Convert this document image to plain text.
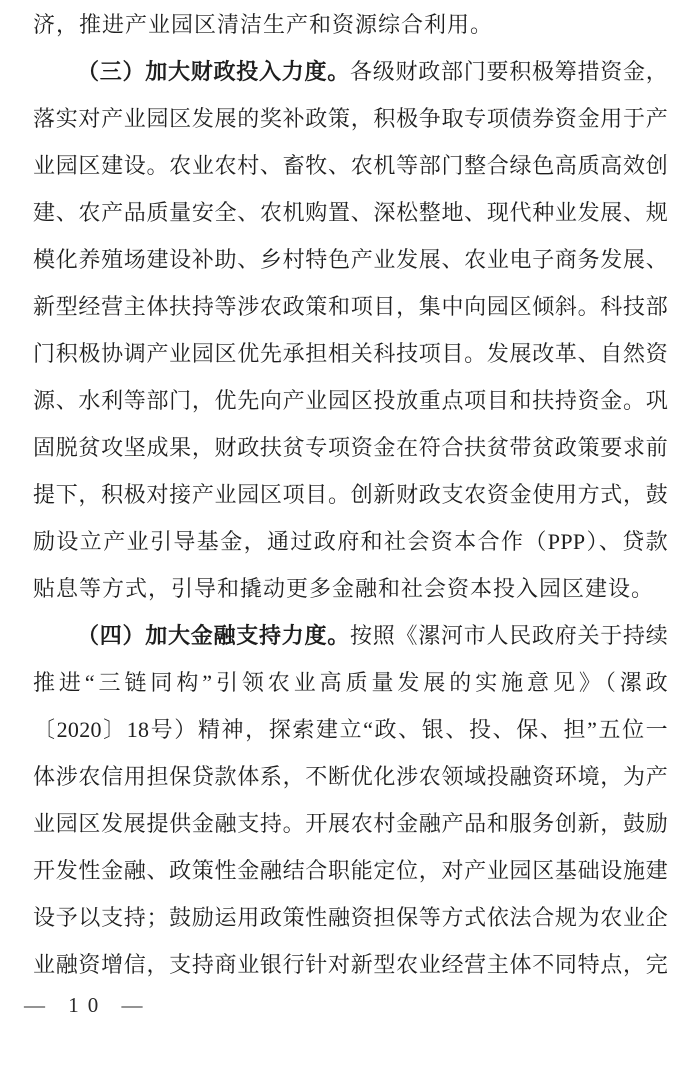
济，推进产业园区清洁生产和资源综合利用。

（三）加大财政投入力度。各级财政部门要积极筹措资金，

落实对产业园区发展的奖补政策，积极争取专项债券资金用于产

业园区建设。农业农村、畜牧、农机等部门整合绿色高质高效创

建、农产品质量安全、农机购置、深松整地、现代种业发展、规

模化养殖场建设补助、乡村特色产业发展、农业电子商务发展、

新型经营主体扶持等涉农政策和项目，集中向园区倾斜。科技部

门积极协调产业园区优先承担相关科技项目。发展改革、自然资

源、水利等部门，优先向产业园区投放重点项目和扶持资金。巩

固脱贫攻坚成果，财政扶贫专项资金在符合扶贫带贫政策要求前

提下，积极对接产业园区项目。创新财政支农资金使用方式，鼓

励设立产业引导基金，通过政府和社会资本合作（PPP）、贷款

贴息等方式，引导和撬动更多金融和社会资本投入园区建设。

（四）加大金融支持力度。按照《漯河市人民政府关于持续

推进“三链同构”引领农业高质量发展的实施意见》（漯政

〔2020〕18号）精神，探索建立“政、银、投、保、担”五位一

体涉农信用担保贷款体系，不断优化涉农领域投融资环境，为产

业园区发展提供金融支持。开展农村金融产品和服务创新，鼓励

开发性金融、政策性金融结合职能定位，对产业园区基础设施建

设予以支持；鼓励运用政策性融资担保等方式依法合规为农业企

业融资增信，支持商业银行针对新型农业经营主体不同特点，完

— 10 —
